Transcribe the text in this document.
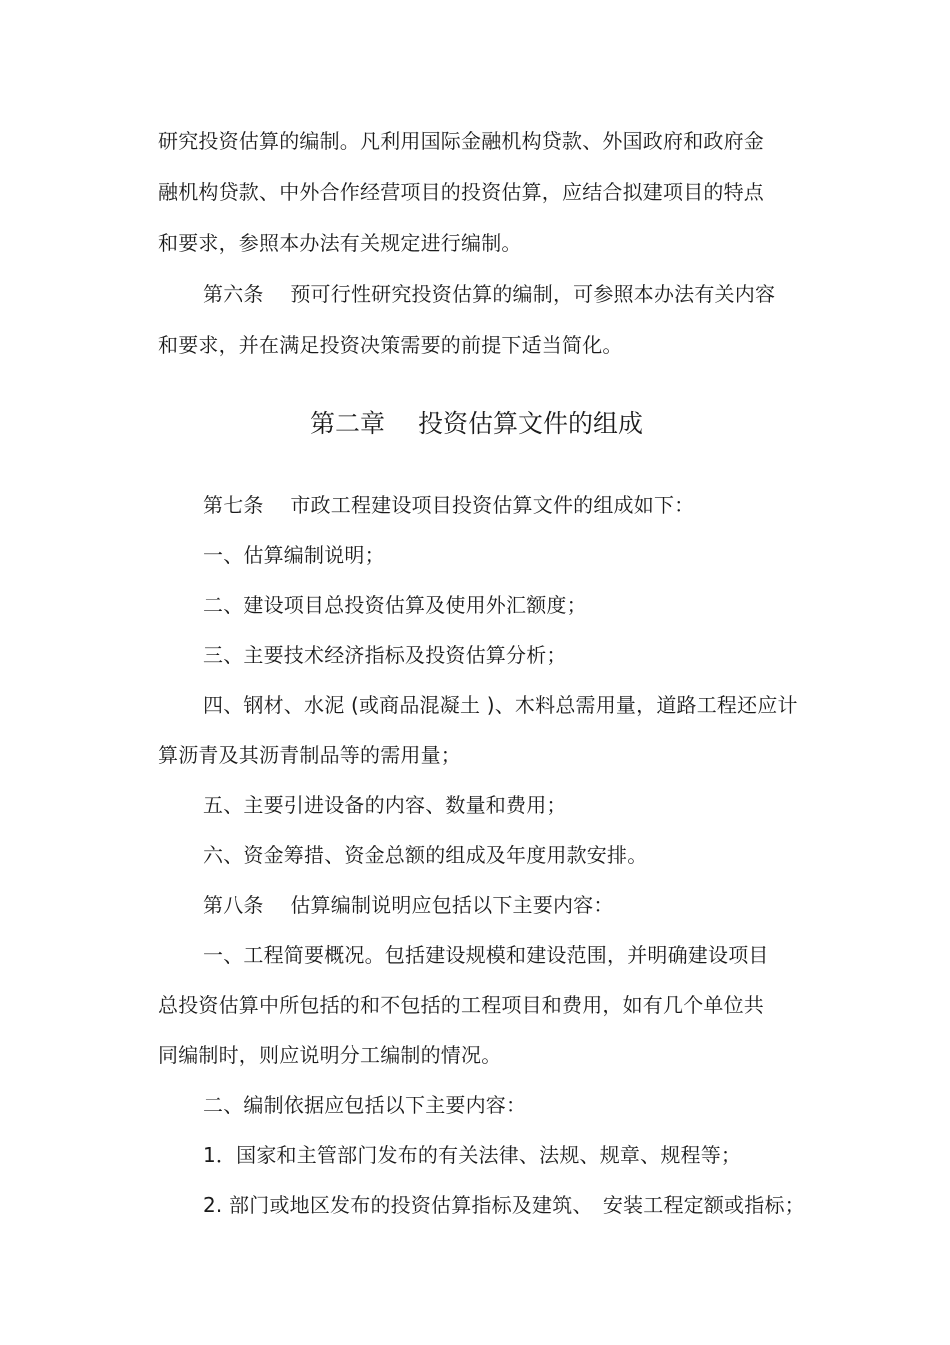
研究投资估算的编制。凡利用国际金融机构贷款、外国政府和政府金
融机构贷款、中外合作经营项目的投资估算，应结合拟建项目的特点
和要求，参照本办法有关规定进行编制。
第六条　 预可行性研究投资估算的编制，可参照本办法有关内容
和要求，并在满足投资决策需要的前提下适当简化。
第二章　 投资估算文件的组成
第七条　 市政工程建设项目投资估算文件的组成如下：
一、估算编制说明；
二、建设项目总投资估算及使用外汇额度；
三、主要技术经济指标及投资估算分析；
四、钢材、水泥 (或商品混凝土 )、木料总需用量，道路工程还应计
算沥青及其沥青制品等的需用量；
五、主要引进设备的内容、数量和费用；
六、资金筹措、资金总额的组成及年度用款安排。
第八条　 估算编制说明应包括以下主要内容：
一、工程简要概况。包括建设规模和建设范围，并明确建设项目
总投资估算中所包括的和不包括的工程项目和费用，如有几个单位共
同编制时，则应说明分工编制的情况。
二、编制依据应包括以下主要内容：
1．国家和主管部门发布的有关法律、法规、规章、规程等；
2. 部门或地区发布的投资估算指标及建筑、　安装工程定额或指标；
